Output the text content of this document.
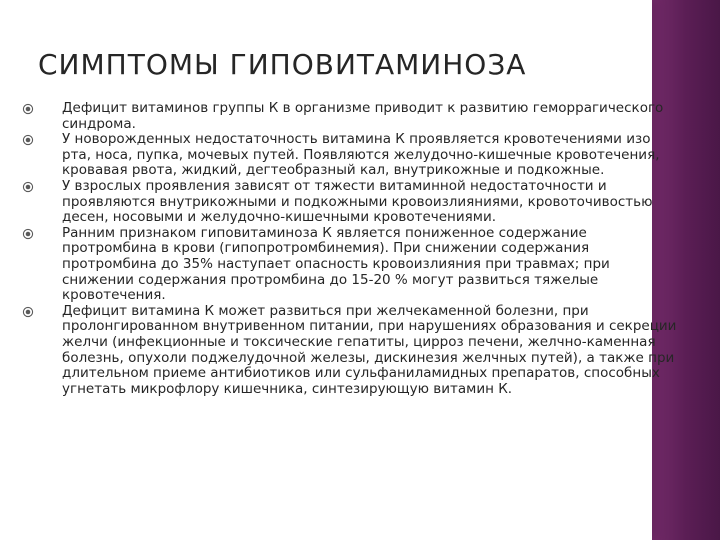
СИМПТОМЫ ГИПОВИТАМИНОЗА
Дефицит витаминов группы К в организме приводит к развитию геморрагического синдрома.
У новорожденных недостаточность витамина К проявляется кровотечениями изо рта, носа, пупка, мочевых путей. Появляются желудочно-кишечные кровотечения, кровавая рвота, жидкий, дегтеобразный кал, внутрикожные и подкожные.
У взрослых проявления зависят от тяжести витаминной недостаточности и проявляются внутрикожными и подкожными кровоизлияниями, кровоточивостью десен, носовыми и желудочно-кишечными кровотечениями.
Ранним признаком гиповитаминоза К является пониженное содержание протромбина в крови (гипопротромбинемия). При снижении содержания протромбина до 35% наступает опасность кровоизлияния при травмах; при снижении содержания протромбина до 15-20 % могут развиться тяжелые кровотечения.
Дефицит витамина К может развиться при желчекаменной болезни, при пролонгированном внутривенном питании, при нарушениях образования и секреции желчи (инфекционные и токсические гепатиты, цирроз печени, желчно-каменная болезнь, опухоли поджелудочной железы, дискинезия желчных путей), а также при длительном приеме антибиотиков или сульфаниламидных препаратов, способных угнетать микрофлору кишечника, синтезирующую витамин К.
